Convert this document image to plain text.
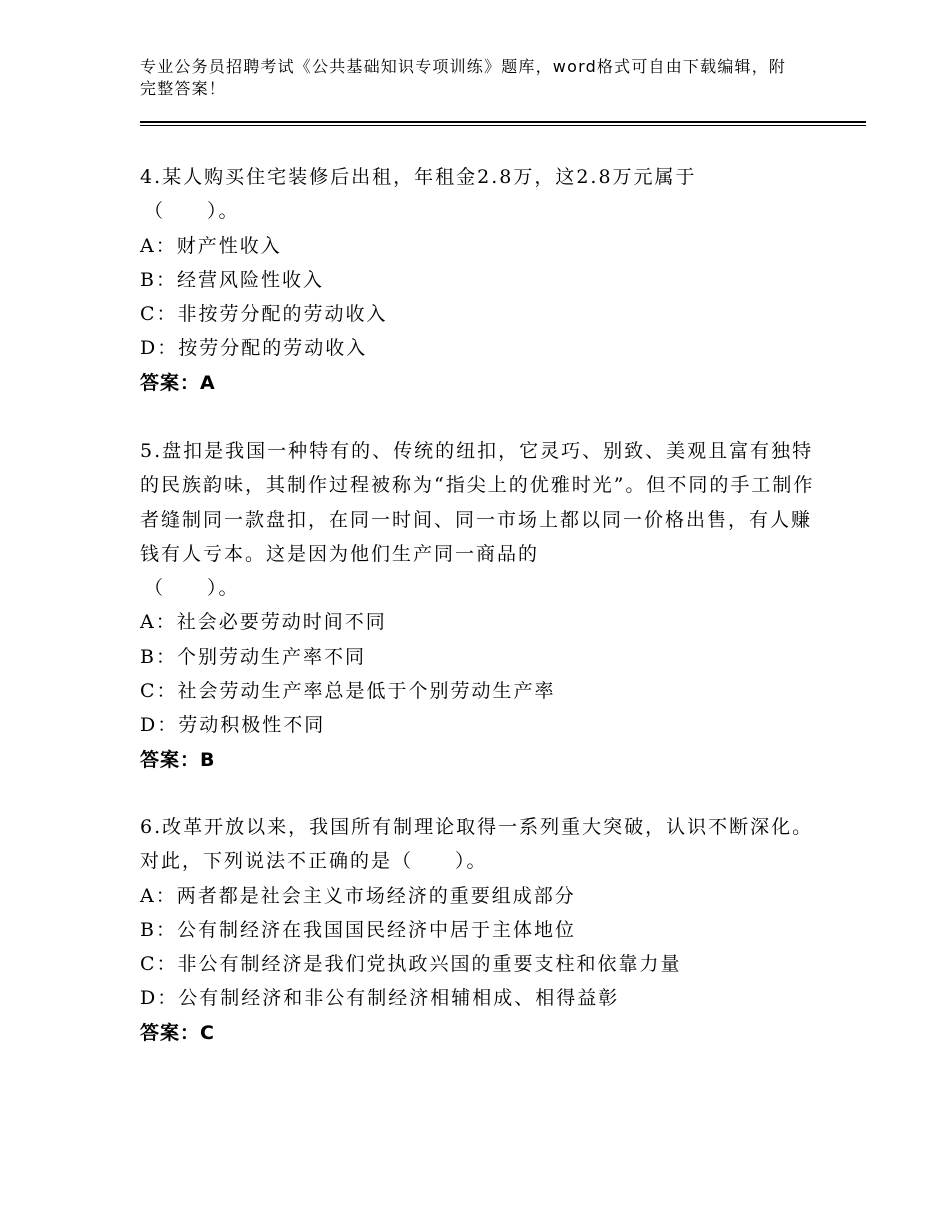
专业公务员招聘考试《公共基础知识专项训练》题库，word格式可自由下载编辑，附完整答案！
4.某人购买住宅装修后出租，年租金2.8万，这2.8万元属于
（　　）。
A：财产性收入
B：经营风险性收入
C：非按劳分配的劳动收入
D：按劳分配的劳动收入
答案：A
5.盘扣是我国一种特有的、传统的纽扣，它灵巧、别致、美观且富有独特的民族韵味，其制作过程被称为“指尖上的优雅时光”。但不同的手工制作者缝制同一款盘扣，在同一时间、同一市场上都以同一价格出售，有人赚钱有人亏本。这是因为他们生产同一商品的
（　　）。
A：社会必要劳动时间不同
B：个别劳动生产率不同
C：社会劳动生产率总是低于个别劳动生产率
D：劳动积极性不同
答案：B
6.改革开放以来，我国所有制理论取得一系列重大突破，认识不断深化。对此，下列说法不正确的是（　　）。
A：两者都是社会主义市场经济的重要组成部分
B：公有制经济在我国国民经济中居于主体地位
C：非公有制经济是我们党执政兴国的重要支柱和依靠力量
D：公有制经济和非公有制经济相辅相成、相得益彰
答案：C
